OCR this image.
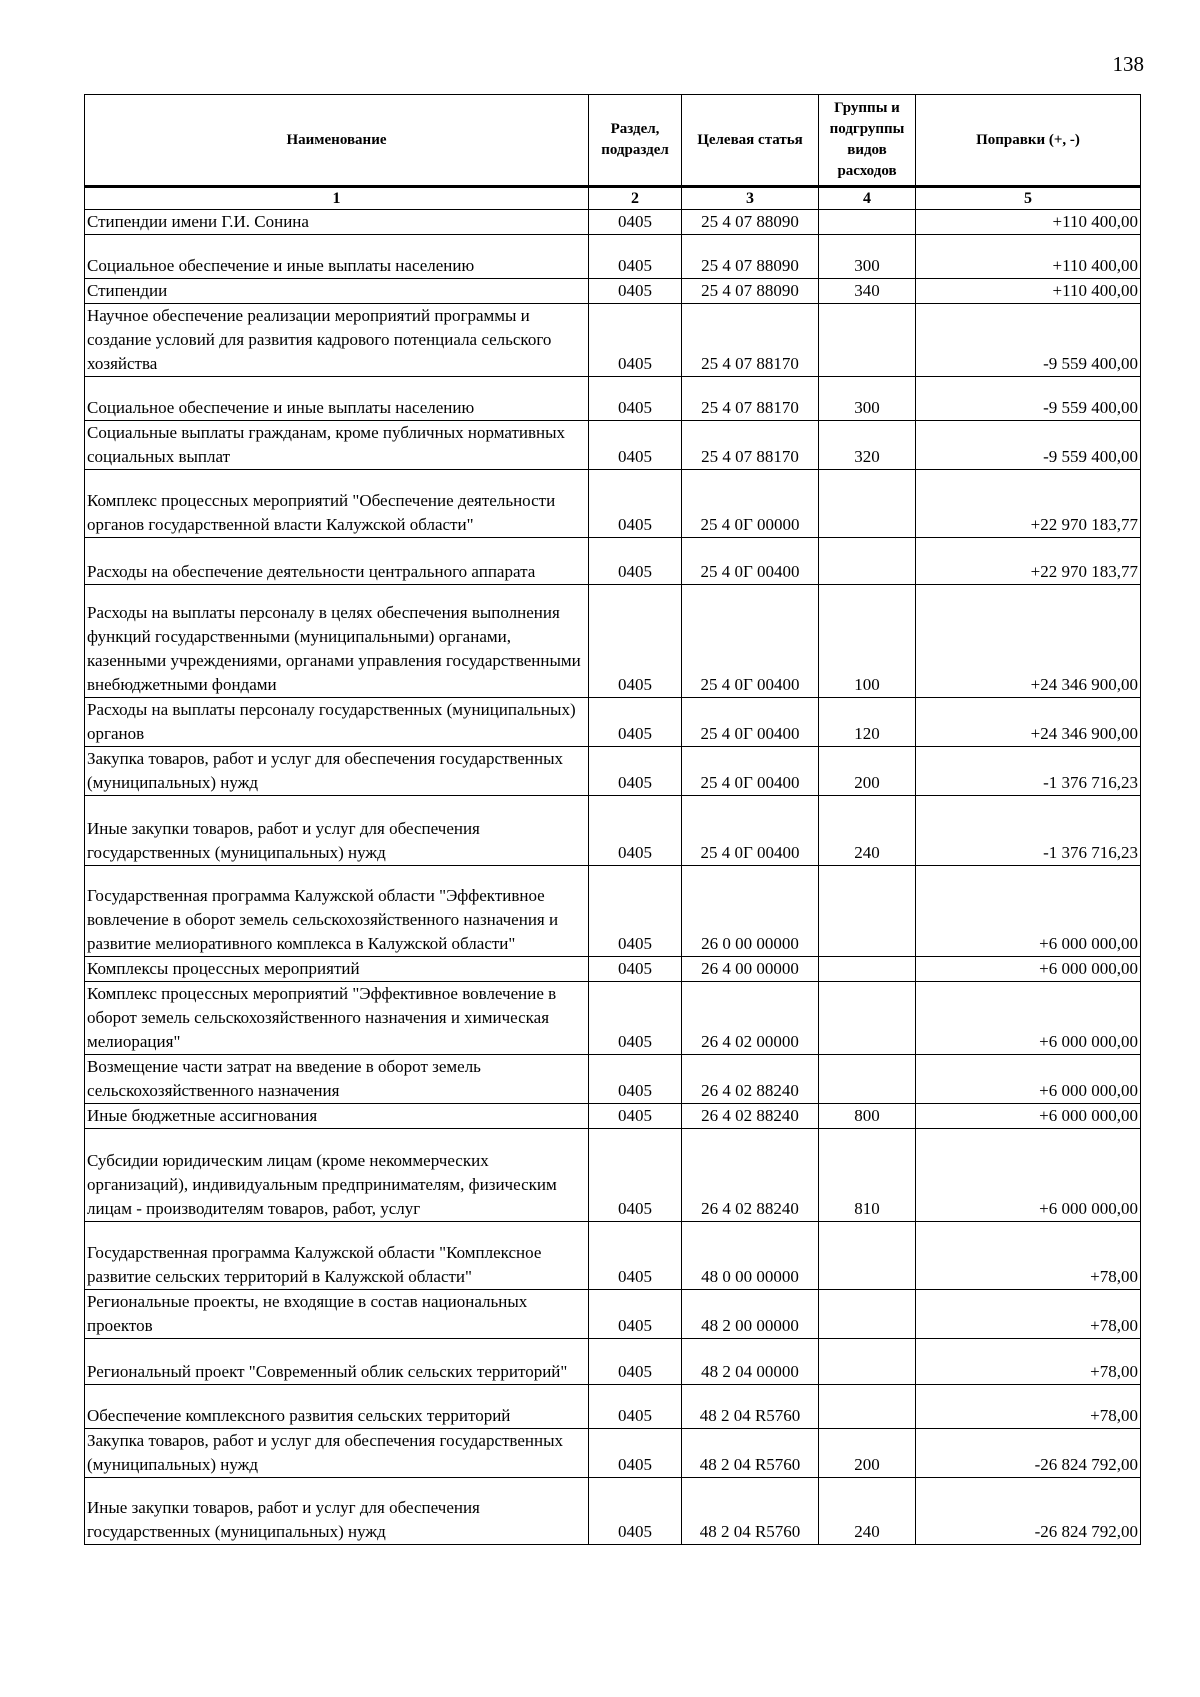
138
Наименование	Раздел, подраздел	Целевая статья	Группы и подгруппы видов расходов	Поправки (+, -)
1	2	3	4	5
Стипендии имени Г.И. Сонина	0405	25 4 07 88090		+110 400,00
Социальное обеспечение и иные выплаты населению	0405	25 4 07 88090	300	+110 400,00
Стипендии	0405	25 4 07 88090	340	+110 400,00
Научное обеспечение реализации мероприятий программы и создание условий для развития кадрового потенциала сельского хозяйства	0405	25 4 07 88170		-9 559 400,00
Социальное обеспечение и иные выплаты населению	0405	25 4 07 88170	300	-9 559 400,00
Социальные выплаты гражданам, кроме публичных нормативных социальных выплат	0405	25 4 07 88170	320	-9 559 400,00
Комплекс процессных мероприятий "Обеспечение деятельности органов государственной власти Калужской области"	0405	25 4 0Г 00000		+22 970 183,77
Расходы на обеспечение деятельности центрального аппарата	0405	25 4 0Г 00400		+22 970 183,77
Расходы на выплаты персоналу в целях обеспечения выполнения функций государственными (муниципальными) органами, казенными учреждениями, органами управления государственными внебюджетными фондами	0405	25 4 0Г 00400	100	+24 346 900,00
Расходы на выплаты персоналу государственных (муниципальных) органов	0405	25 4 0Г 00400	120	+24 346 900,00
Закупка товаров, работ и услуг для обеспечения государственных (муниципальных) нужд	0405	25 4 0Г 00400	200	-1 376 716,23
Иные закупки товаров, работ и услуг для обеспечения государственных (муниципальных) нужд	0405	25 4 0Г 00400	240	-1 376 716,23
Государственная программа Калужской области "Эффективное вовлечение в оборот земель сельскохозяйственного назначения и развитие мелиоративного комплекса в Калужской области"	0405	26 0 00 00000		+6 000 000,00
Комплексы процессных мероприятий	0405	26 4 00 00000		+6 000 000,00
Комплекс процессных мероприятий "Эффективное вовлечение в оборот земель сельскохозяйственного назначения и химическая мелиорация"	0405	26 4 02 00000		+6 000 000,00
Возмещение части затрат на введение в оборот земель сельскохозяйственного назначения	0405	26 4 02 88240		+6 000 000,00
Иные бюджетные ассигнования	0405	26 4 02 88240	800	+6 000 000,00
Субсидии юридическим лицам (кроме некоммерческих организаций), индивидуальным предпринимателям, физическим лицам - производителям товаров, работ, услуг	0405	26 4 02 88240	810	+6 000 000,00
Государственная программа Калужской области "Комплексное развитие сельских территорий в Калужской области"	0405	48 0 00 00000		+78,00
Региональные проекты, не входящие в состав национальных проектов	0405	48 2 00 00000		+78,00
Региональный проект "Современный облик сельских территорий"	0405	48 2 04 00000		+78,00
Обеспечение комплексного развития сельских территорий	0405	48 2 04 R5760		+78,00
Закупка товаров, работ и услуг для обеспечения государственных (муниципальных) нужд	0405	48 2 04 R5760	200	-26 824 792,00
Иные закупки товаров, работ и услуг для обеспечения государственных (муниципальных) нужд	0405	48 2 04 R5760	240	-26 824 792,00
